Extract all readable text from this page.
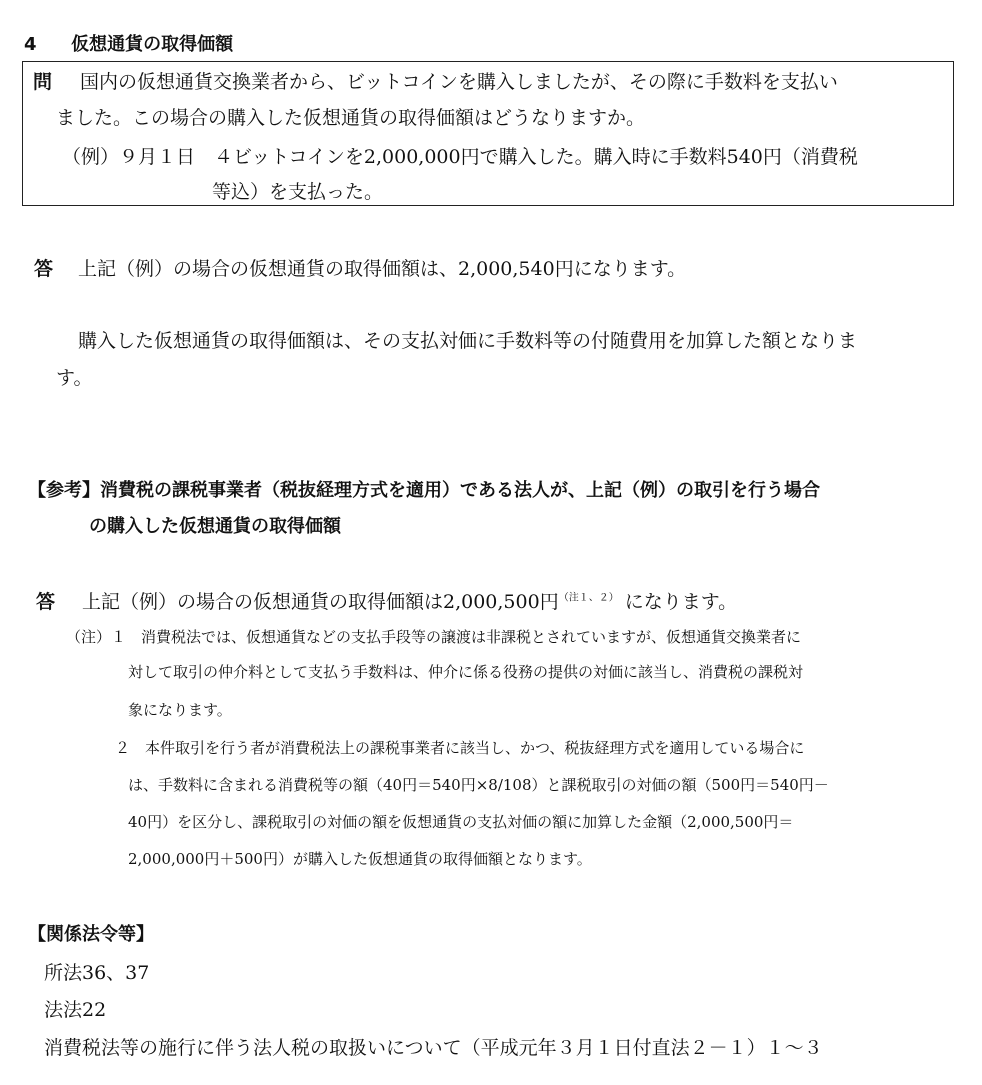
4 仮想通貨の取得価額
問 国内の仮想通貨交換業者から、ビットコインを購入しましたが、その際に手数料を支払い
ました。この場合の購入した仮想通貨の取得価額はどうなりますか。
（例）９月１日　４ビットコインを2,000,000円で購入した。購入時に手数料540円（消費税
等込）を支払った。
答 上記（例）の場合の仮想通貨の取得価額は、2,000,540円になります。
購入した仮想通貨の取得価額は、その支払対価に手数料等の付随費用を加算した額となりま
す。
【参考】消費税の課税事業者（税抜経理方式を適用）である法人が、上記（例）の取引を行う場合
の購入した仮想通貨の取得価額
答 上記（例）の場合の仮想通貨の取得価額は2,000,500円$^{(注1、2)}$ になります。
（注）１　消費税法では、仮想通貨などの支払手段等の譲渡は非課税とされていますが、仮想通貨交換業者に
対して取引の仲介料として支払う手数料は、仲介に係る役務の提供の対価に該当し、消費税の課税対
象になります。
２　本件取引を行う者が消費税法上の課税事業者に該当し、かつ、税抜経理方式を適用している場合に
は、手数料に含まれる消費税等の額（40円＝540円×8/108）と課税取引の対価の額（500円＝540円－
40円）を区分し、課税取引の対価の額を仮想通貨の支払対価の額に加算した金額（2,000,500円＝
2,000,000円＋500円）が購入した仮想通貨の取得価額となります。
【関係法令等】
所法36、37
法法22
消費税法等の施行に伴う法人税の取扱いについて（平成元年３月１日付直法２－１）１～３
